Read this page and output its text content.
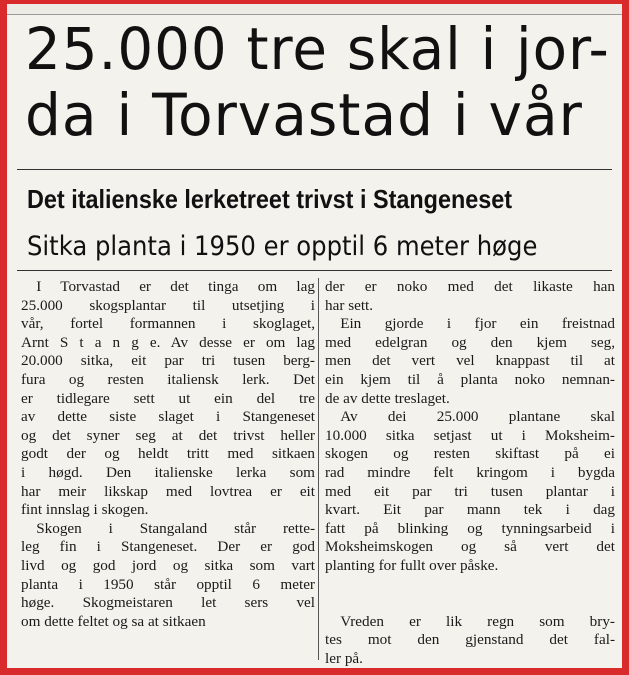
25.000 tre skal i jor-
da i Torvastad i vår
Det italienske lerketreet trivst i Stangeneset
Sitka planta i 1950 er opptil 6 meter høge
 I Torvastad er det tinga om lag
25.000 skogsplantar til utsetjing i
vår, fortel formannen i skoglaget,
Arnt S t a n g e. Av desse er om lag
20.000 sitka, eit par tri tusen berg-
fura og resten italiensk lerk. Det
er tidlegare sett ut ein del tre
av dette siste slaget i Stangeneset
og det syner seg at det trivst heller
godt der og heldt tritt med sitkaen
i høgd. Den italienske lerka som
har meir likskap med lovtrea er eit
fint innslag i skogen.
 Skogen i Stangaland står rette-
leg fin i Stangeneset. Der er god
livd og god jord og sitka som vart
planta i 1950 står opptil 6 meter
høge. Skogmeistaren let sers vel
om dette feltet og sa at sitkaen
der er noko med det likaste han
har sett.
 Ein gjorde i fjor ein freistnad
med edelgran og den kjem seg,
men det vert vel knappast til at
ein kjem til å planta noko nemnan-
de av dette treslaget.
 Av dei 25.000 plantane skal
10.000 sitka setjast ut i Moksheim-
skogen og resten skiftast på ei
rad mindre felt kringom i bygda
med eit par tri tusen plantar i
kvart. Eit par mann tek i dag
fatt på blinking og tynningsarbeid i
Moksheimskogen og så vert det
planting for fullt over påske.

 Vreden er lik regn som bry-
tes mot den gjenstand det fal-
ler på.
